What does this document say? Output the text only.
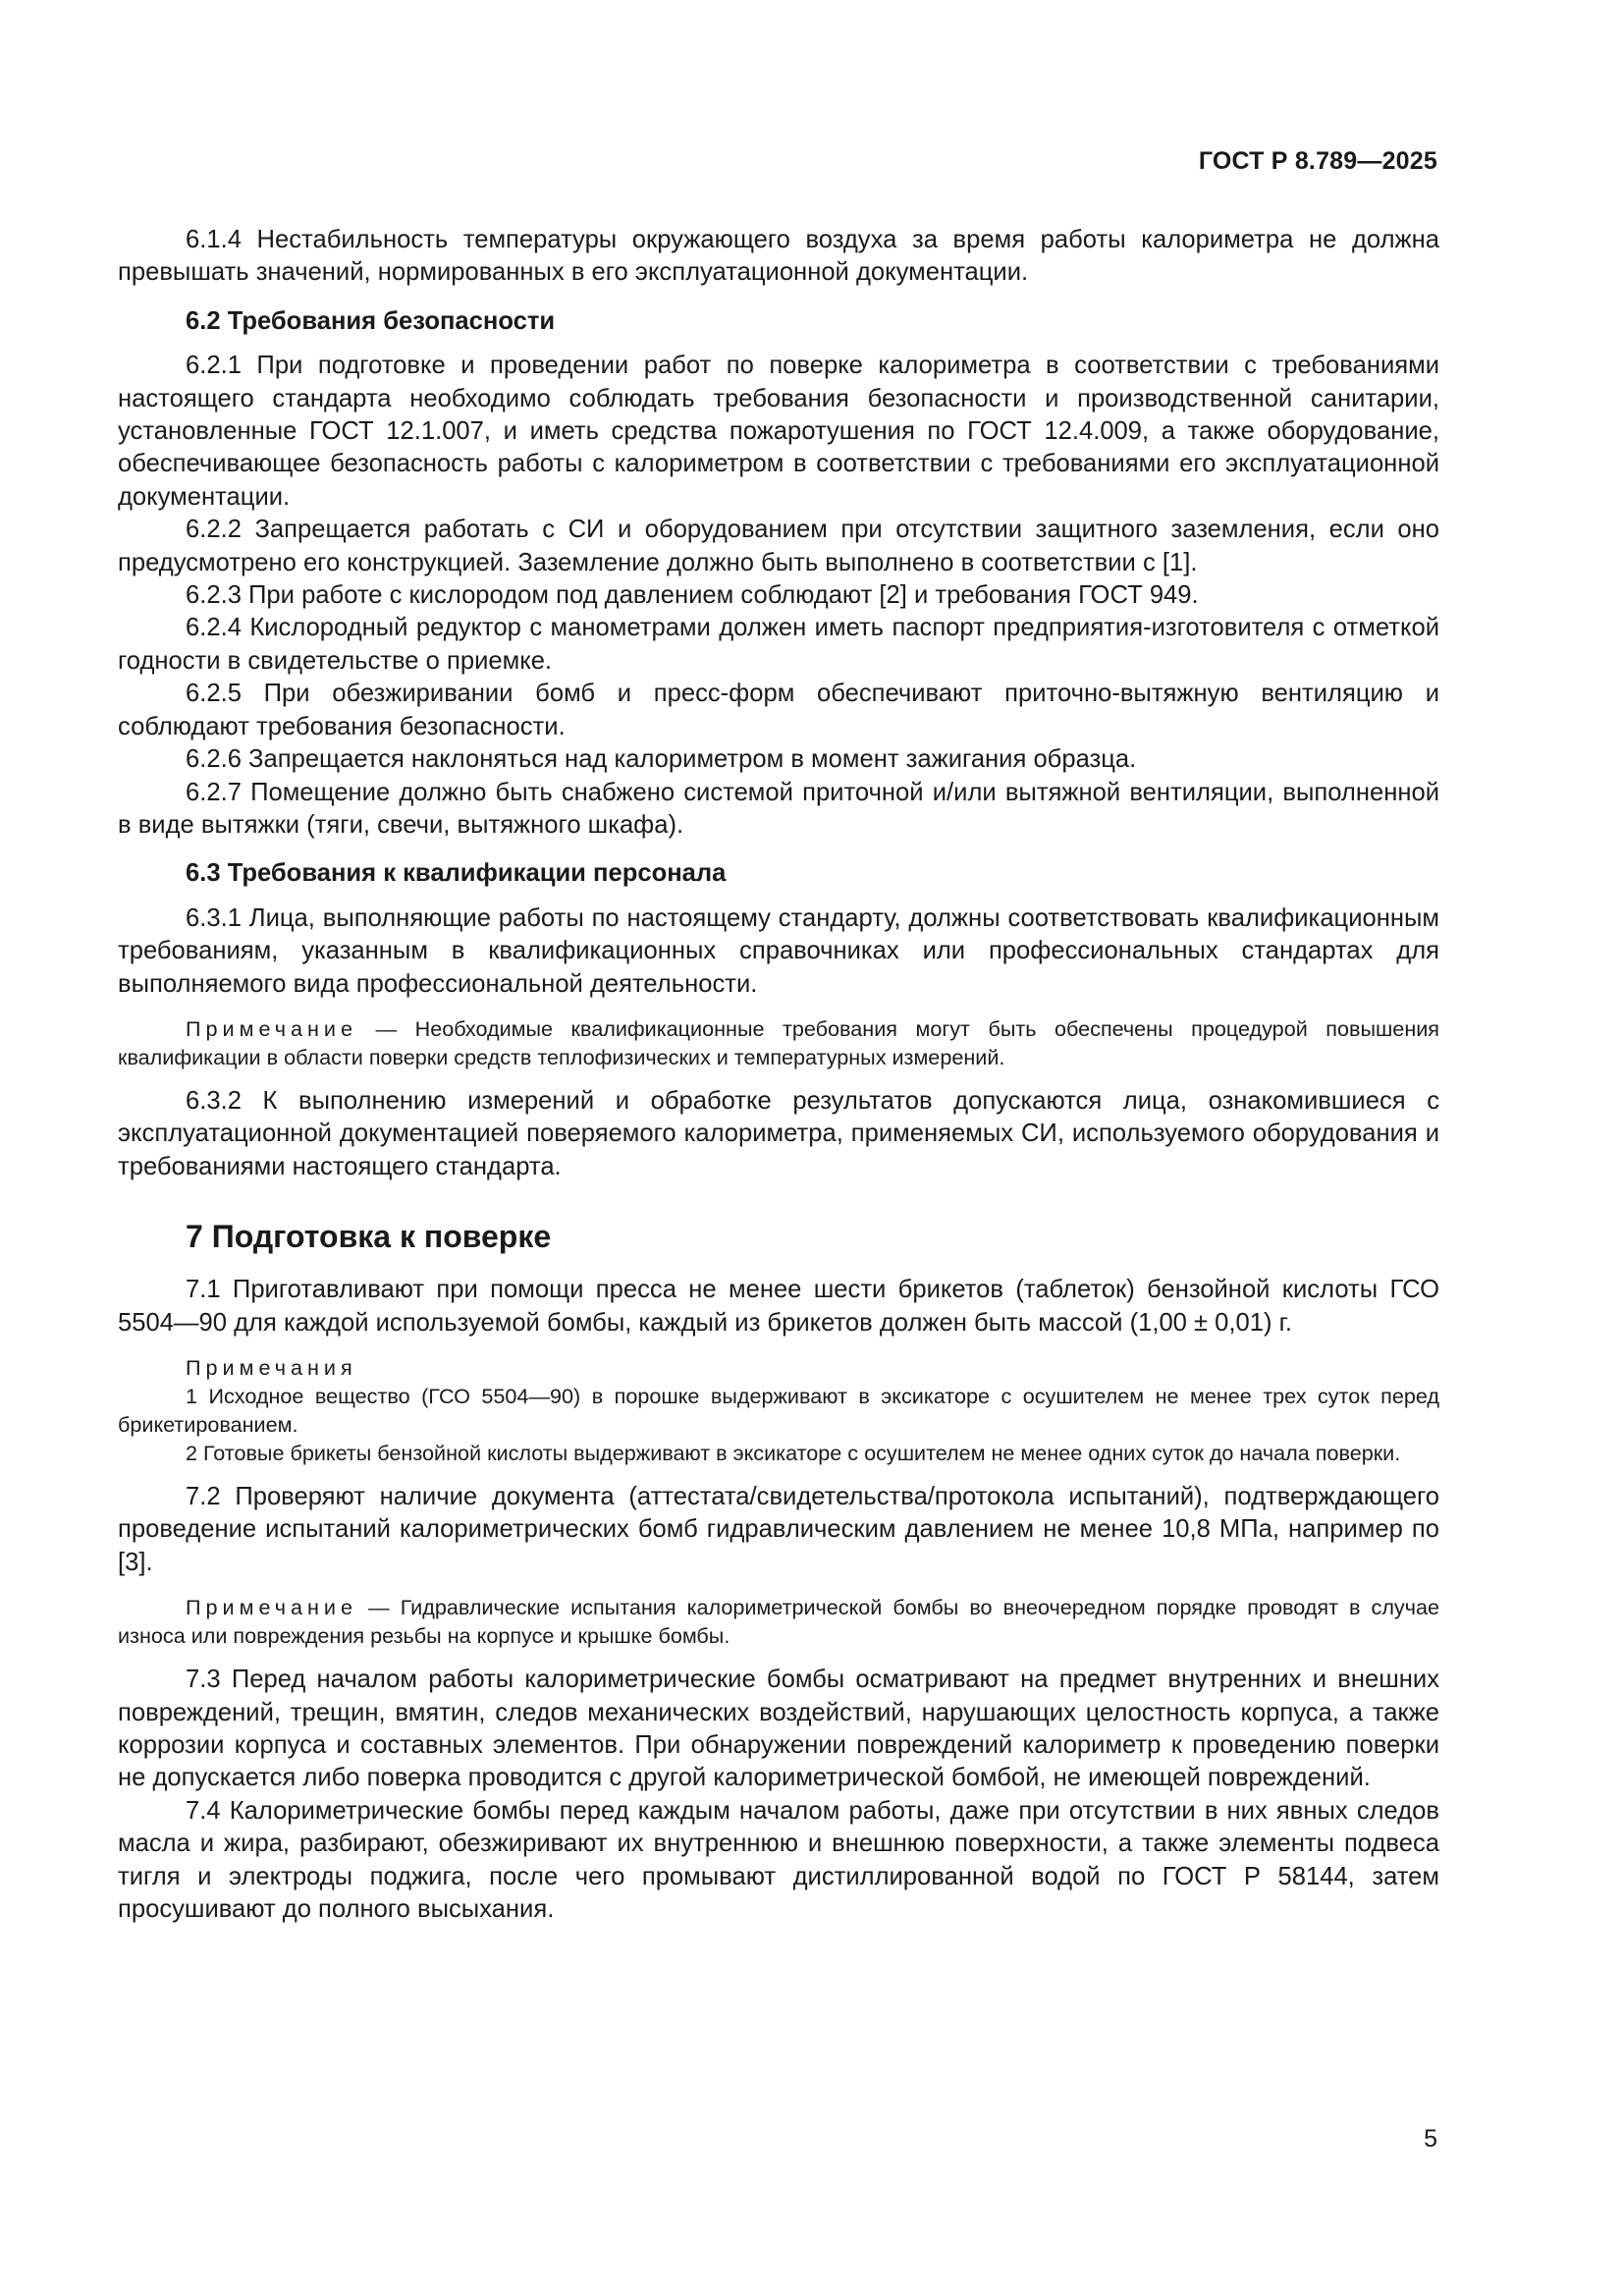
ГОСТ Р 8.789—2025

6.1.4 Нестабильность температуры окружающего воздуха за время работы калориметра не должна превышать значений, нормированных в его эксплуатационной документации.

6.2 Требования безопасности

6.2.1 При подготовке и проведении работ по поверке калориметра в соответствии с требованиями настоящего стандарта необходимо соблюдать требования безопасности и производственной санитарии, установленные ГОСТ 12.1.007, и иметь средства пожаротушения по ГОСТ 12.4.009, а также оборудование, обеспечивающее безопасность работы с калориметром в соответствии с требованиями его эксплуатационной документации.

6.2.2 Запрещается работать с СИ и оборудованием при отсутствии защитного заземления, если оно предусмотрено его конструкцией. Заземление должно быть выполнено в соответствии с [1].

6.2.3 При работе с кислородом под давлением соблюдают [2] и требования ГОСТ 949.

6.2.4 Кислородный редуктор с манометрами должен иметь паспорт предприятия-изготовителя с отметкой годности в свидетельстве о приемке.

6.2.5 При обезжиривании бомб и пресс-форм обеспечивают приточно-вытяжную вентиляцию и соблюдают требования безопасности.

6.2.6 Запрещается наклоняться над калориметром в момент зажигания образца.

6.2.7 Помещение должно быть снабжено системой приточной и/или вытяжной вентиляции, выполненной в виде вытяжки (тяги, свечи, вытяжного шкафа).

6.3 Требования к квалификации персонала

6.3.1 Лица, выполняющие работы по настоящему стандарту, должны соответствовать квалификационным требованиям, указанным в квалификационных справочниках или профессиональных стандартах для выполняемого вида профессиональной деятельности.

Примечание — Необходимые квалификационные требования могут быть обеспечены процедурой повышения квалификации в области поверки средств теплофизических и температурных измерений.

6.3.2 К выполнению измерений и обработке результатов допускаются лица, ознакомившиеся с эксплуатационной документацией поверяемого калориметра, применяемых СИ, используемого оборудования и требованиями настоящего стандарта.

7 Подготовка к поверке

7.1 Приготавливают при помощи пресса не менее шести брикетов (таблеток) бензойной кислоты ГСО 5504—90 для каждой используемой бомбы, каждый из брикетов должен быть массой (1,00 ± 0,01) г.

Примечания

1 Исходное вещество (ГСО 5504—90) в порошке выдерживают в эксикаторе с осушителем не менее трех суток перед брикетированием.

2 Готовые брикеты бензойной кислоты выдерживают в эксикаторе с осушителем не менее одних суток до начала поверки.

7.2 Проверяют наличие документа (аттестата/свидетельства/протокола испытаний), подтверждающего проведение испытаний калориметрических бомб гидравлическим давлением не менее 10,8 МПа, например по [3].

Примечание — Гидравлические испытания калориметрической бомбы во внеочередном порядке проводят в случае износа или повреждения резьбы на корпусе и крышке бомбы.

7.3 Перед началом работы калориметрические бомбы осматривают на предмет внутренних и внешних повреждений, трещин, вмятин, следов механических воздействий, нарушающих целостность корпуса, а также коррозии корпуса и составных элементов. При обнаружении повреждений калориметр к проведению поверки не допускается либо поверка проводится с другой калориметрической бомбой, не имеющей повреждений.

7.4 Калориметрические бомбы перед каждым началом работы, даже при отсутствии в них явных следов масла и жира, разбирают, обезжиривают их внутреннюю и внешнюю поверхности, а также элементы подвеса тигля и электроды поджига, после чего промывают дистиллированной водой по ГОСТ Р 58144, затем просушивают до полного высыхания.

5
